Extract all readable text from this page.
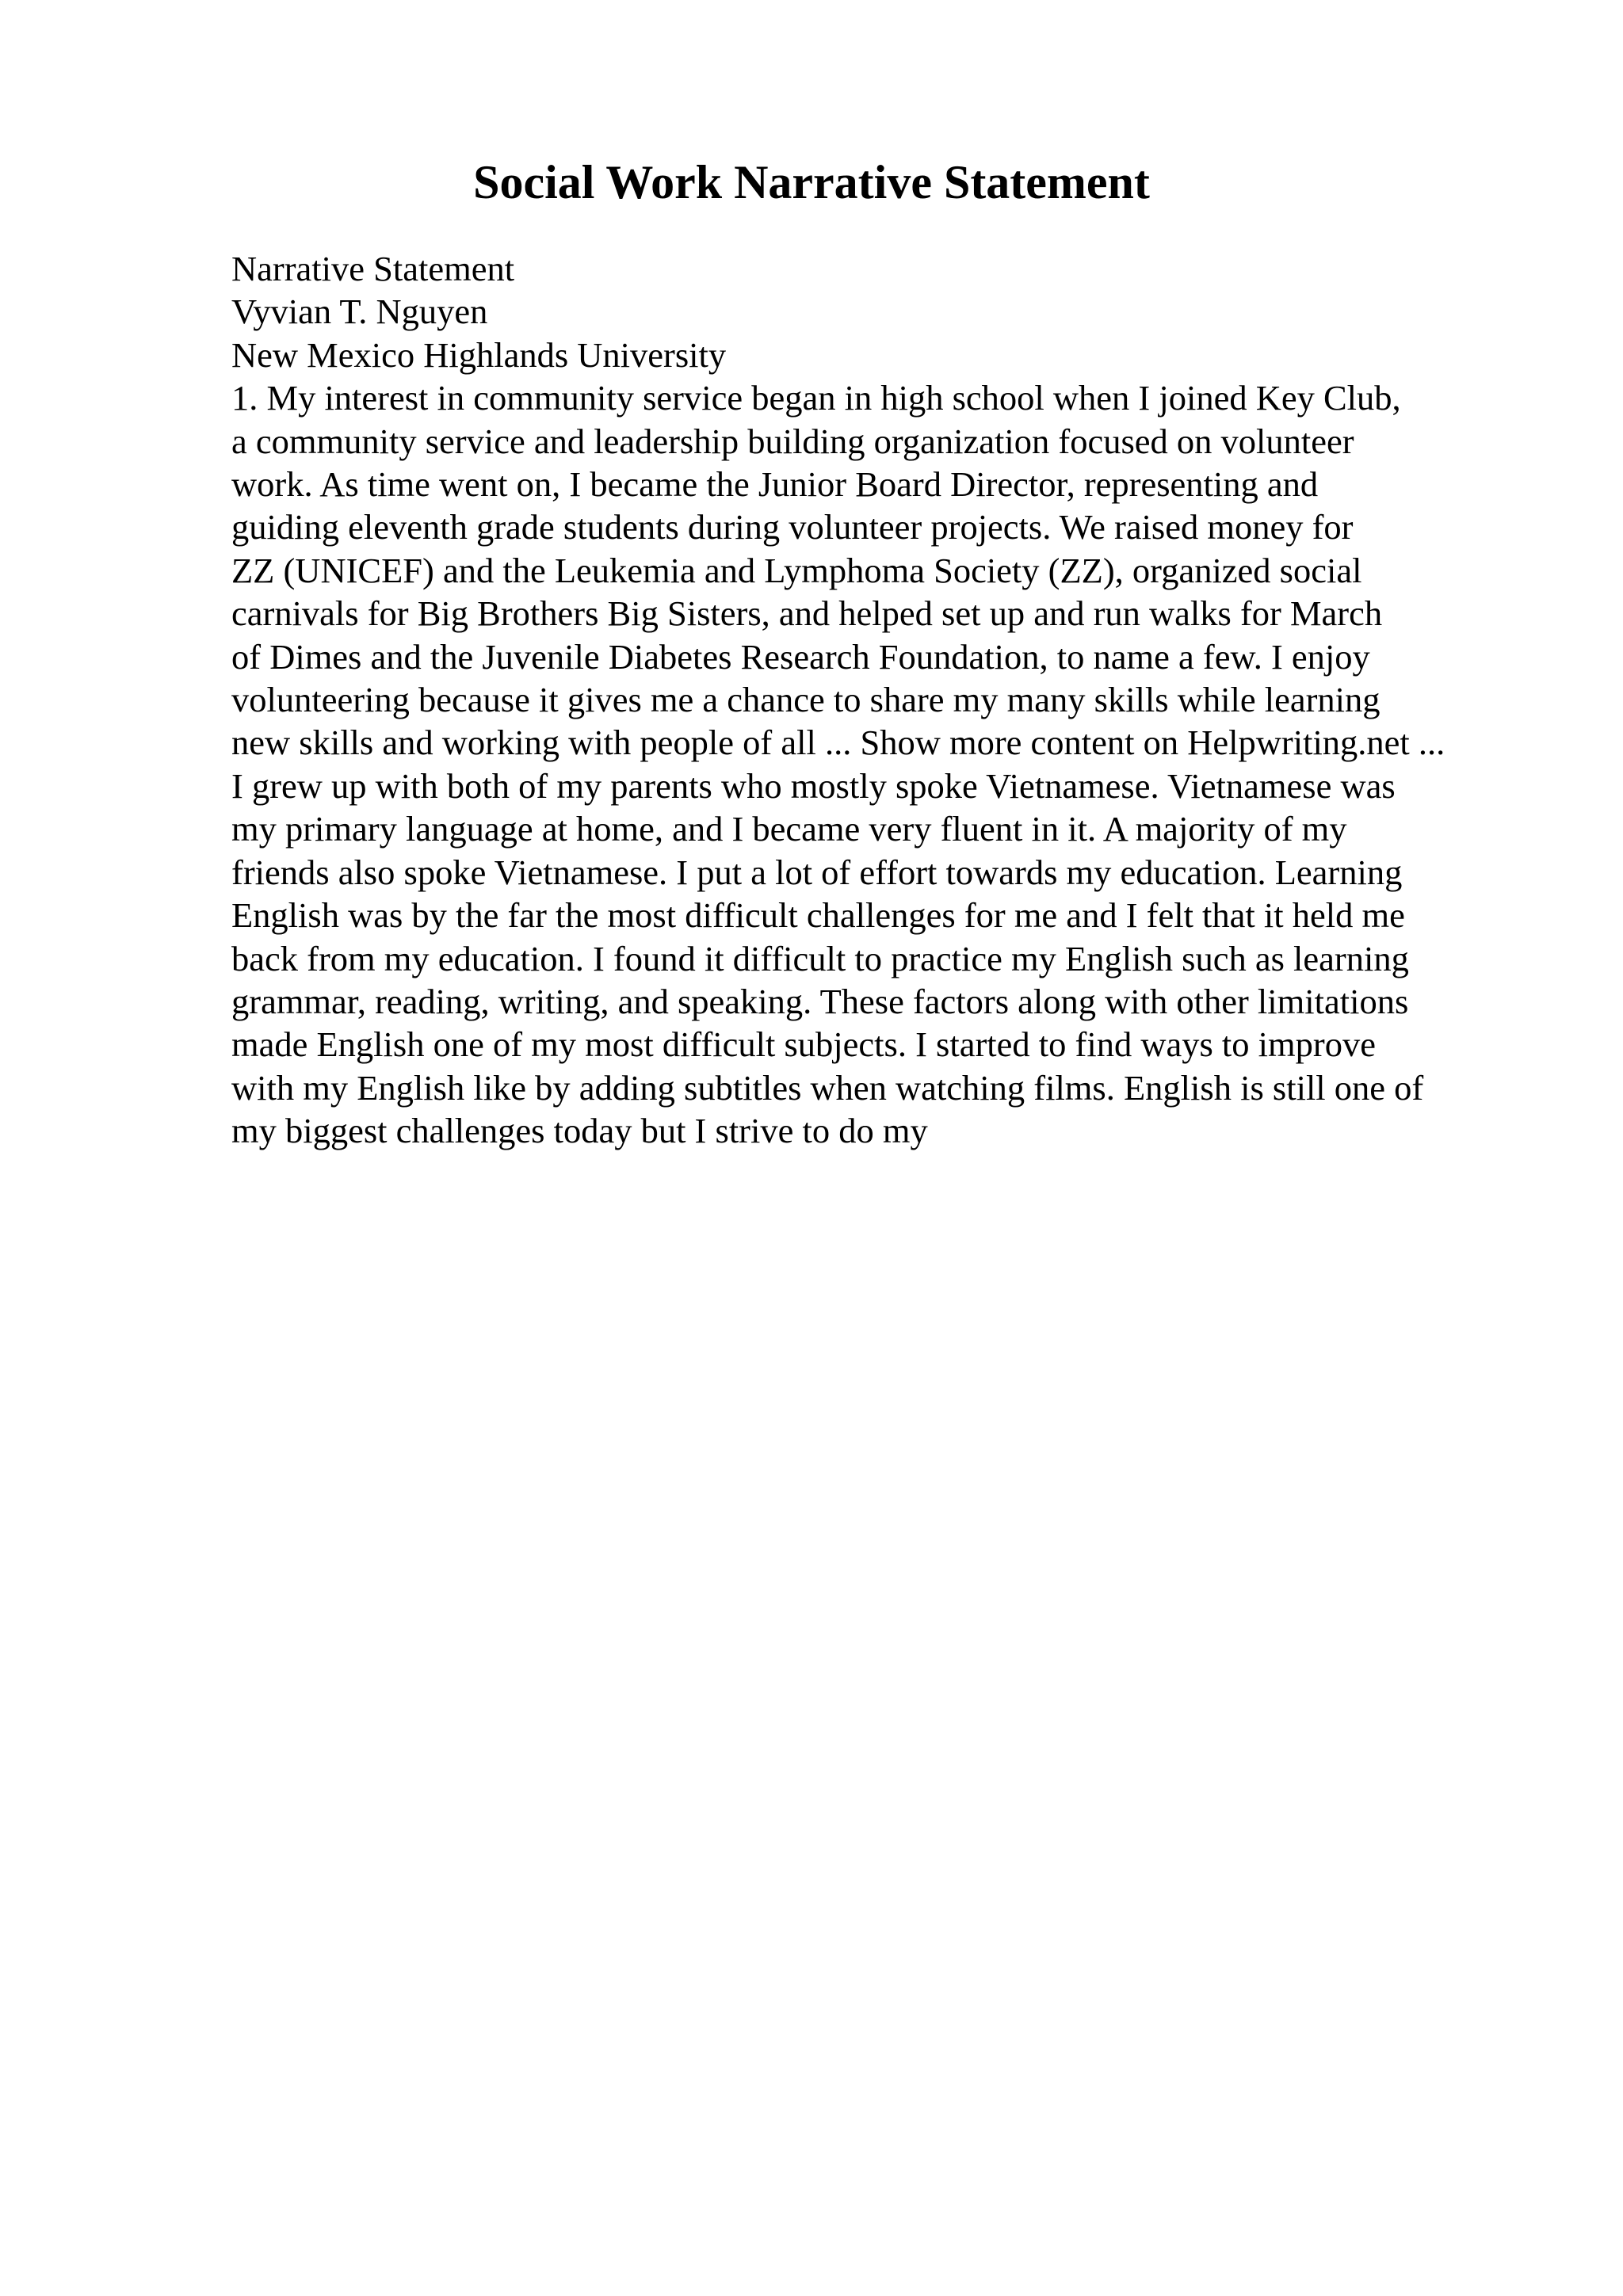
Social Work Narrative Statement
Narrative Statement
Vyvian T. Nguyen
New Mexico Highlands University
1. My interest in community service began in high school when I joined Key Club,
a community service and leadership building organization focused on volunteer
work. As time went on, I became the Junior Board Director, representing and
guiding eleventh grade students during volunteer projects. We raised money for
ZZ (UNICEF) and the Leukemia and Lymphoma Society (ZZ), organized social
carnivals for Big Brothers Big Sisters, and helped set up and run walks for March
of Dimes and the Juvenile Diabetes Research Foundation, to name a few. I enjoy
volunteering because it gives me a chance to share my many skills while learning
new skills and working with people of all ... Show more content on Helpwriting.net ...
I grew up with both of my parents who mostly spoke Vietnamese. Vietnamese was
my primary language at home, and I became very fluent in it. A majority of my
friends also spoke Vietnamese. I put a lot of effort towards my education. Learning
English was by the far the most difficult challenges for me and I felt that it held me
back from my education. I found it difficult to practice my English such as learning
grammar, reading, writing, and speaking. These factors along with other limitations
made English one of my most difficult subjects. I started to find ways to improve
with my English like by adding subtitles when watching films. English is still one of
my biggest challenges today but I strive to do my
